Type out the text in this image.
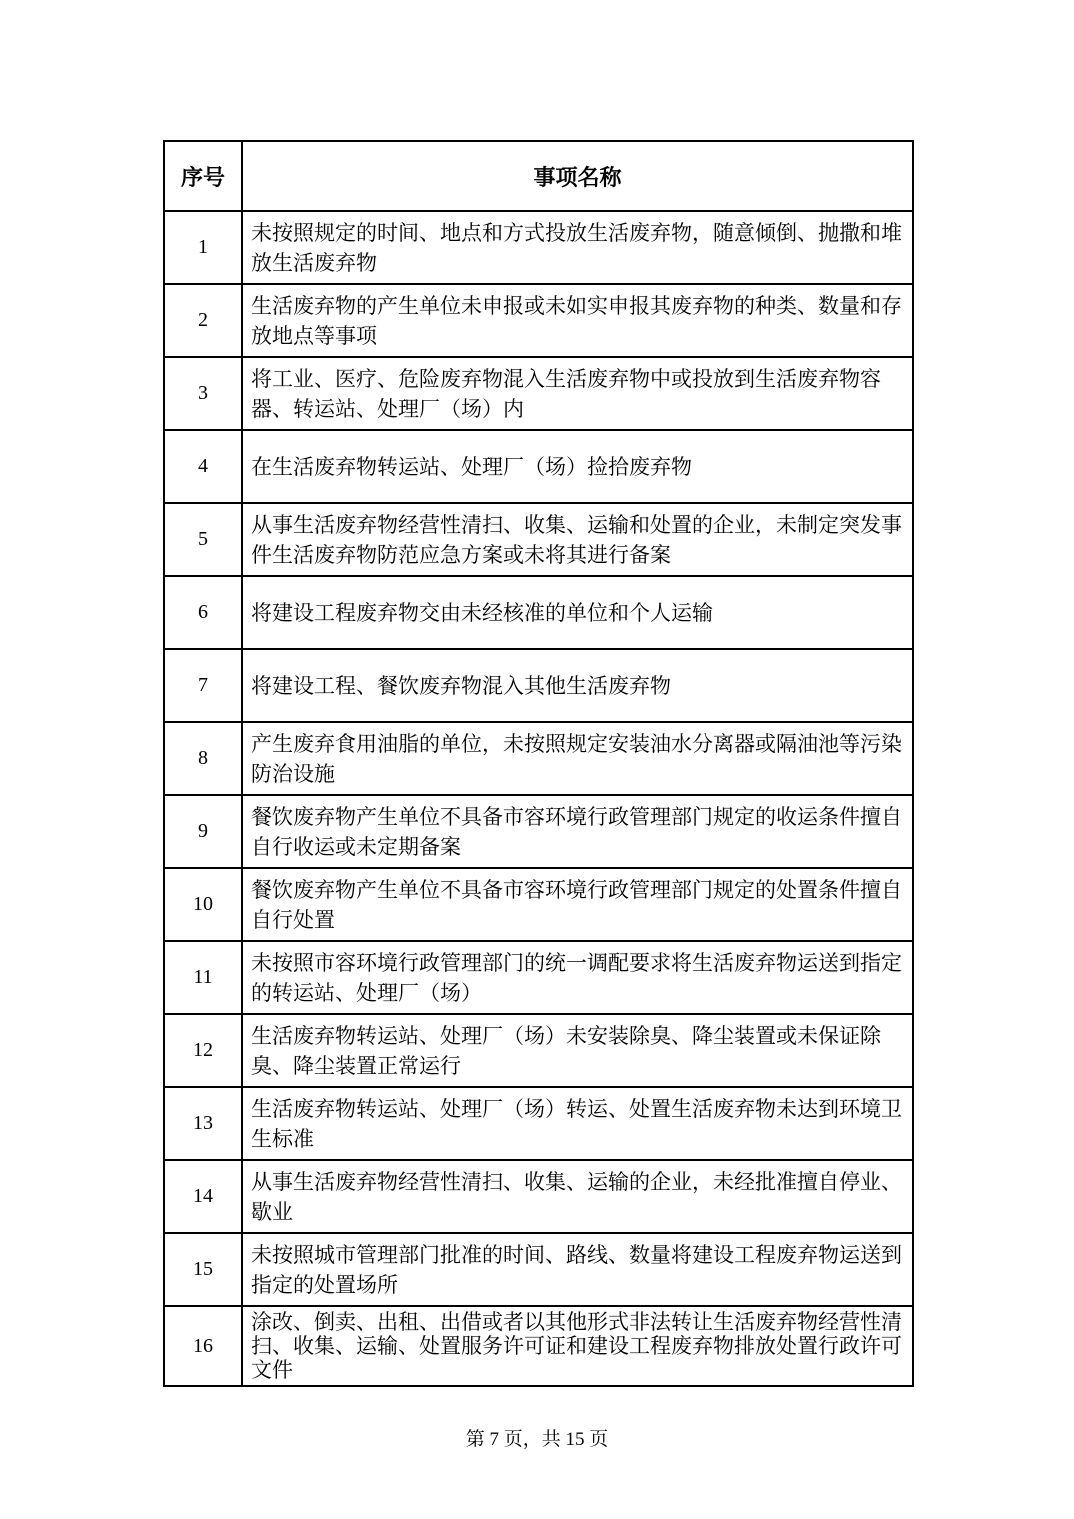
序号	事项名称
1	未按照规定的时间、地点和方式投放生活废弃物，随意倾倒、抛撒和堆放生活废弃物
2	生活废弃物的产生单位未申报或未如实申报其废弃物的种类、数量和存放地点等事项
3	将工业、医疗、危险废弃物混入生活废弃物中或投放到生活废弃物容器、转运站、处理厂（场）内
4	在生活废弃物转运站、处理厂（场）捡拾废弃物
5	从事生活废弃物经营性清扫、收集、运输和处置的企业，未制定突发事件生活废弃物防范应急方案或未将其进行备案
6	将建设工程废弃物交由未经核准的单位和个人运输
7	将建设工程、餐饮废弃物混入其他生活废弃物
8	产生废弃食用油脂的单位，未按照规定安装油水分离器或隔油池等污染防治设施
9	餐饮废弃物产生单位不具备市容环境行政管理部门规定的收运条件擅自自行收运或未定期备案
10	餐饮废弃物产生单位不具备市容环境行政管理部门规定的处置条件擅自自行处置
11	未按照市容环境行政管理部门的统一调配要求将生活废弃物运送到指定的转运站、处理厂（场）
12	生活废弃物转运站、处理厂（场）未安装除臭、降尘装置或未保证除臭、降尘装置正常运行
13	生活废弃物转运站、处理厂（场）转运、处置生活废弃物未达到环境卫生标准
14	从事生活废弃物经营性清扫、收集、运输的企业，未经批准擅自停业、歇业
15	未按照城市管理部门批准的时间、路线、数量将建设工程废弃物运送到指定的处置场所
16	涂改、倒卖、出租、出借或者以其他形式非法转让生活废弃物经营性清扫、收集、运输、处置服务许可证和建设工程废弃物排放处置行政许可文件
第 7 页，共 15 页
